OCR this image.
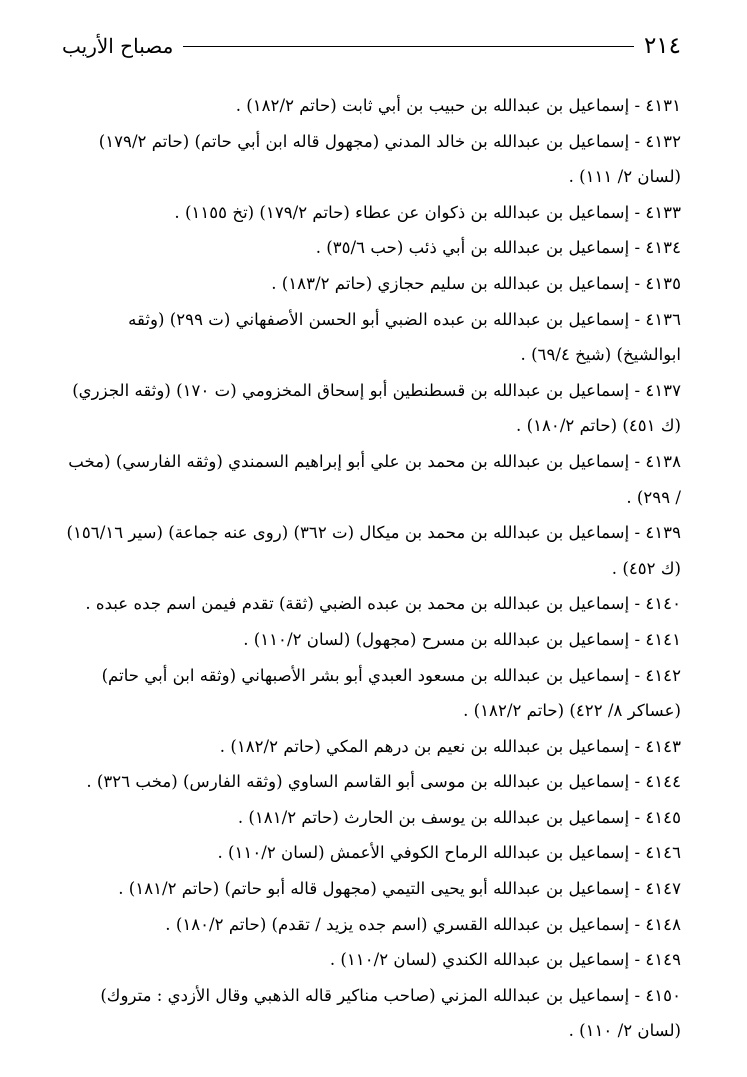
٢١٤
مصباح الأريب

٤١٣١ - إسماعيل بن عبدالله بن حبيب بن أبي ثابت (حاتم ١٨٢/٢) .

٤١٣٢ - إسماعيل بن عبدالله بن خالد المدني (مجهول قاله ابن أبي حاتم) (حاتم ١٧٩/٢) (لسان ٢/ ١١١) .

٤١٣٣ - إسماعيل بن عبدالله بن ذكوان عن عطاء (حاتم ١٧٩/٢) (تخ ١١٥٥) .

٤١٣٤ - إسماعيل بن عبدالله بن أبي ذئب (حب ٣٥/٦) .

٤١٣٥ - إسماعيل بن عبدالله بن سليم حجازي (حاتم ١٨٣/٢) .

٤١٣٦ - إسماعيل بن عبدالله بن عبده الضبي أبو الحسن الأصفهاني (ت ٢٩٩) (وثقه ابوالشيخ) (شيخ ٦٩/٤) .

٤١٣٧ - إسماعيل بن عبدالله بن قسطنطين أبو إسحاق المخزومي (ت ١٧٠) (وثقه الجزري) (ك ٤٥١) (حاتم ١٨٠/٢) .

٤١٣٨ - إسماعيل بن عبدالله بن محمد بن علي أبو إبراهيم السمندي (وثقه الفارسي) (مخب / ٢٩٩) .

٤١٣٩ - إسماعيل بن عبدالله بن محمد بن ميكال (ت ٣٦٢) (روى عنه جماعة) (سير ١٥٦/١٦) (ك ٤٥٢) .

٤١٤٠ - إسماعيل بن عبدالله بن محمد بن عبده الضبي (ثقة) تقدم فيمن اسم جده عبده .

٤١٤١ - إسماعيل بن عبدالله بن مسرح (مجهول) (لسان ١١٠/٢) .

٤١٤٢ - إسماعيل بن عبدالله بن مسعود العبدي أبو بشر الأصبهاني (وثقه ابن أبي حاتم) (عساكر ٨/ ٤٢٢) (حاتم ١٨٢/٢) .

٤١٤٣ - إسماعيل بن عبدالله بن نعيم بن درهم المكي (حاتم ١٨٢/٢) .

٤١٤٤ - إسماعيل بن عبدالله بن موسى أبو القاسم الساوي (وثقه الفارس) (مخب ٣٢٦) .

٤١٤٥ - إسماعيل بن عبدالله بن يوسف بن الحارث (حاتم ١٨١/٢) .

٤١٤٦ - إسماعيل بن عبدالله الرماح الكوفي الأعمش (لسان ١١٠/٢) .

٤١٤٧ - إسماعيل بن عبدالله أبو يحيى التيمي (مجهول قاله أبو حاتم) (حاتم ١٨١/٢) .

٤١٤٨ - إسماعيل بن عبدالله القسري (اسم جده يزيد / تقدم) (حاتم ١٨٠/٢) .

٤١٤٩ - إسماعيل بن عبدالله الكندي (لسان ١١٠/٢) .

٤١٥٠ - إسماعيل بن عبدالله المزني (صاحب مناكير قاله الذهبي وقال الأزدي : متروك) (لسان ٢/ ١١٠) .
